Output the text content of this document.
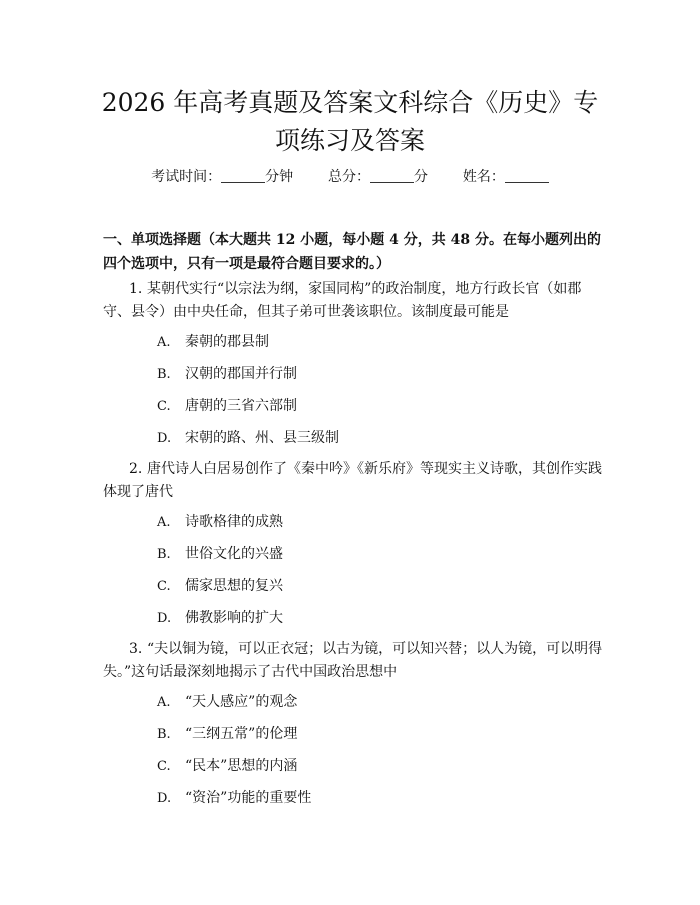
2026 年高考真题及答案文科综合《历史》专
项练习及答案
考试时间：	分钟 总分：	分 姓名：
一、单项选择题（本大题共 12 小题，每小题 4 分，共 48 分。在每小题列出的四个选项中，只有一项是最符合题目要求的。）
1. 某朝代实行“以宗法为纲，家国同构”的政治制度，地方行政长官（如郡守、县令）由中央任命，但其子弟可世袭该职位。该制度最可能是
A. 秦朝的郡县制
B. 汉朝的郡国并行制
C. 唐朝的三省六部制
D. 宋朝的路、州、县三级制
2. 唐代诗人白居易创作了《秦中吟》《新乐府》等现实主义诗歌，其创作实践体现了唐代
A. 诗歌格律的成熟
B. 世俗文化的兴盛
C. 儒家思想的复兴
D. 佛教影响的扩大
3. “夫以铜为镜，可以正衣冠；以古为镜，可以知兴替；以人为镜，可以明得失。”这句话最深刻地揭示了古代中国政治思想中
A. “天人感应”的观念
B. “三纲五常”的伦理
C. “民本”思想的内涵
D. “资治”功能的重要性
